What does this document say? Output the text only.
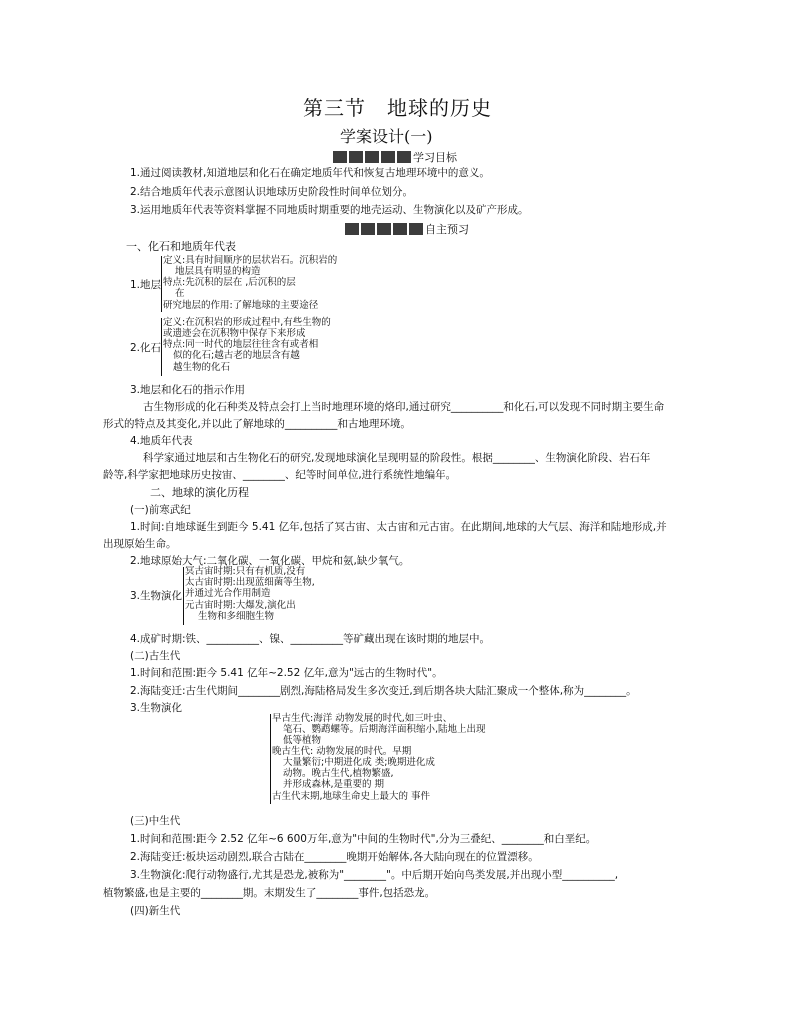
第三节　地球的历史
学案设计(一)
学习目标
1.通过阅读教材,知道地层和化石在确定地质年代和恢复古地理环境中的意义。
2.结合地质年代表示意图认识地球历史阶段性时间单位划分。
3.运用地质年代表等资料掌握不同地质时期重要的地壳运动、生物演化以及矿产形成。
自主预习
一、化石和地质年代表
1.地层
定义:具有时间顺序的层状岩石。沉积岩的
地层具有明显的构造
特点:先沉积的层在 ,后沉积的层
在
研究地层的作用:了解地球的主要途径
2.化石
定义:在沉积岩的形成过程中,有些生物的
或遗迹会在沉积物中保存下来形成
特点:同一时代的地层往往含有或者相
似的化石;越古老的地层含有越
越生物的化石
3.地层和化石的指示作用
古生物形成的化石种类及特点会打上当时地理环境的烙印,通过研究__________和化石,可以发现不同时期主要生命
形式的特点及其变化,并以此了解地球的__________和古地理环境。
4.地质年代表
科学家通过地层和古生物化石的研究,发现地球演化呈现明显的阶段性。根据________、生物演化阶段、岩石年
龄等,科学家把地球历史按宙、________、纪等时间单位,进行系统性地编年。
二、地球的演化历程
(一)前寒武纪
1.时间:自地球诞生到距今 5.41 亿年,包括了冥古宙、太古宙和元古宙。在此期间,地球的大气层、海洋和陆地形成,并
出现原始生命。
2.地球原始大气:二氧化碳、一氧化碳、甲烷和氨,缺少氧气。
3.生物演化
冥古宙时期:只有有机质,没有
太古宙时期:出现蓝细菌等生物,
并通过光合作用制造
元古宙时期:大爆发,演化出
生物和多细胞生物
4.成矿时期:铁、__________、镍、__________等矿藏出现在该时期的地层中。
(二)古生代
1.时间和范围:距今 5.41 亿年~2.52 亿年,意为"远古的生物时代"。
2.海陆变迁:古生代期间________剧烈,海陆格局发生多次变迁,到后期各块大陆汇聚成一个整体,称为________。
3.生物演化
早古生代:海洋 动物发展的时代,如三叶虫、
笔石、鹦鹉螺等。后期海洋面积缩小,陆地上出现
低等植物
晚古生代: 动物发展的时代。早期
大量繁衍;中期进化成 类;晚期进化成
动物。晚古生代,植物繁盛,
并形成森林,是重要的 期
古生代末期,地球生命史上最大的 事件
(三)中生代
1.时间和范围:距今 2.52 亿年~6 600万年,意为"中间的生物时代",分为三叠纪、________和白垩纪。
2.海陆变迁:板块运动剧烈,联合古陆在________晚期开始解体,各大陆向现在的位置漂移。
3.生物演化:爬行动物盛行,尤其是恐龙,被称为"________"。中后期开始向鸟类发展,并出现小型__________,
植物繁盛,也是主要的________期。末期发生了________事件,包括恐龙。
(四)新生代
